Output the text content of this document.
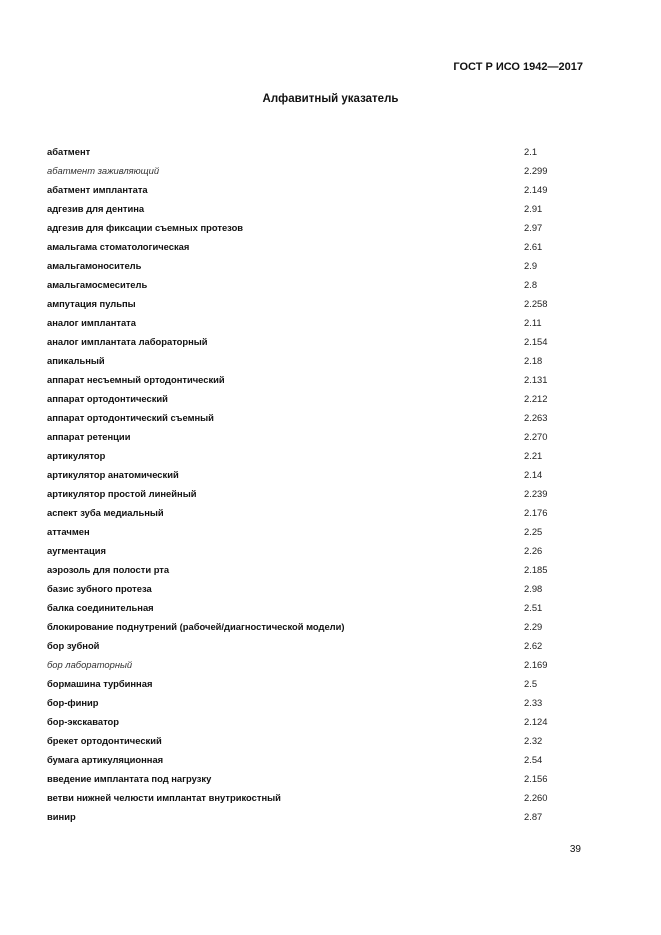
ГОСТ Р ИСО 1942—2017
Алфавитный указатель
абатмент	2.1
абатмент заживляющий	2.299
абатмент имплантата	2.149
адгезив для дентина	2.91
адгезив для фиксации съемных протезов	2.97
амальгама стоматологическая	2.61
амальгамоноситель	2.9
амальгамосмеситель	2.8
ампутация пульпы	2.258
аналог имплантата	2.11
аналог имплантата лабораторный	2.154
апикальный	2.18
аппарат несъемный ортодонтический	2.131
аппарат ортодонтический	2.212
аппарат ортодонтический съемный	2.263
аппарат ретенции	2.270
артикулятор	2.21
артикулятор анатомический	2.14
артикулятор простой линейный	2.239
аспект зуба медиальный	2.176
аттачмен	2.25
аугментация	2.26
аэрозоль для полости рта	2.185
базис зубного протеза	2.98
балка соединительная	2.51
блокирование поднутрений (рабочей/диагностической модели)	2.29
бор зубной	2.62
бор лабораторный	2.169
бормашина турбинная	2.5
бор-финир	2.33
бор-экскаватор	2.124
брекет ортодонтический	2.32
бумага артикуляционная	2.54
введение имплантата под нагрузку	2.156
ветви нижней челюсти имплантат внутрикостный	2.260
винир	2.87
39
